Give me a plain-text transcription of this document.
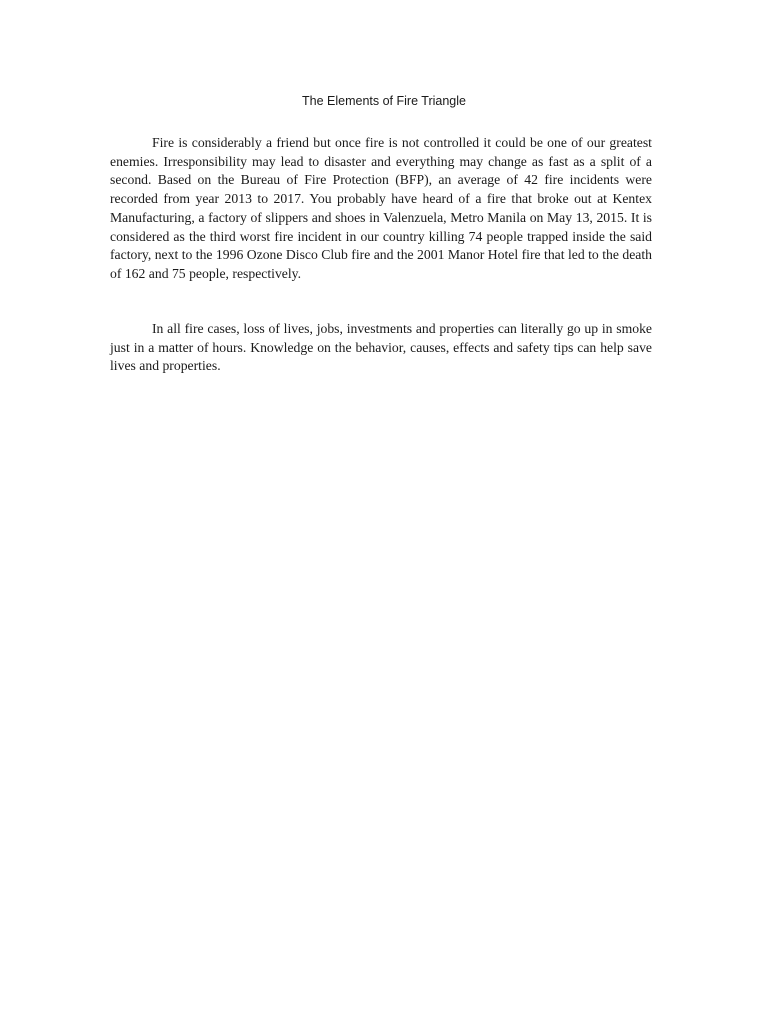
The Elements of Fire Triangle

Fire is considerably a friend but once fire is not controlled it could be one of our greatest enemies. Irresponsibility may lead to disaster and everything may change as fast as a split of a second. Based on the Bureau of Fire Protection (BFP), an average of 42 fire incidents were recorded from year 2013 to 2017. You probably have heard of a fire that broke out at Kentex Manufacturing, a factory of slippers and shoes in Valenzuela, Metro Manila on May 13, 2015. It is considered as the third worst fire incident in our country killing 74 people trapped inside the said factory, next to the 1996 Ozone Disco Club fire and the 2001 Manor Hotel fire that led to the death of 162 and 75 people, respectively.

In all fire cases, loss of lives, jobs, investments and properties can literally go up in smoke just in a matter of hours. Knowledge on the behavior, causes, effects and safety tips can help save lives and properties.
